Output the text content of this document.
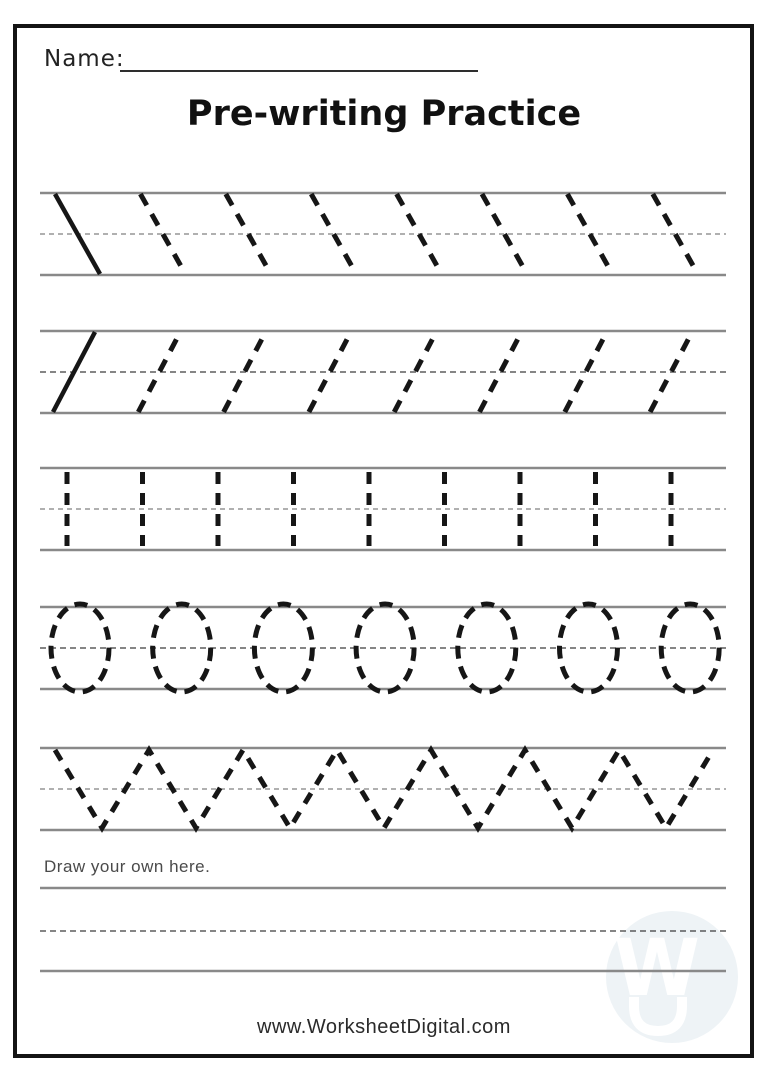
Name:
Pre-writing Practice
Draw your own here.
www.WorksheetDigital.com
